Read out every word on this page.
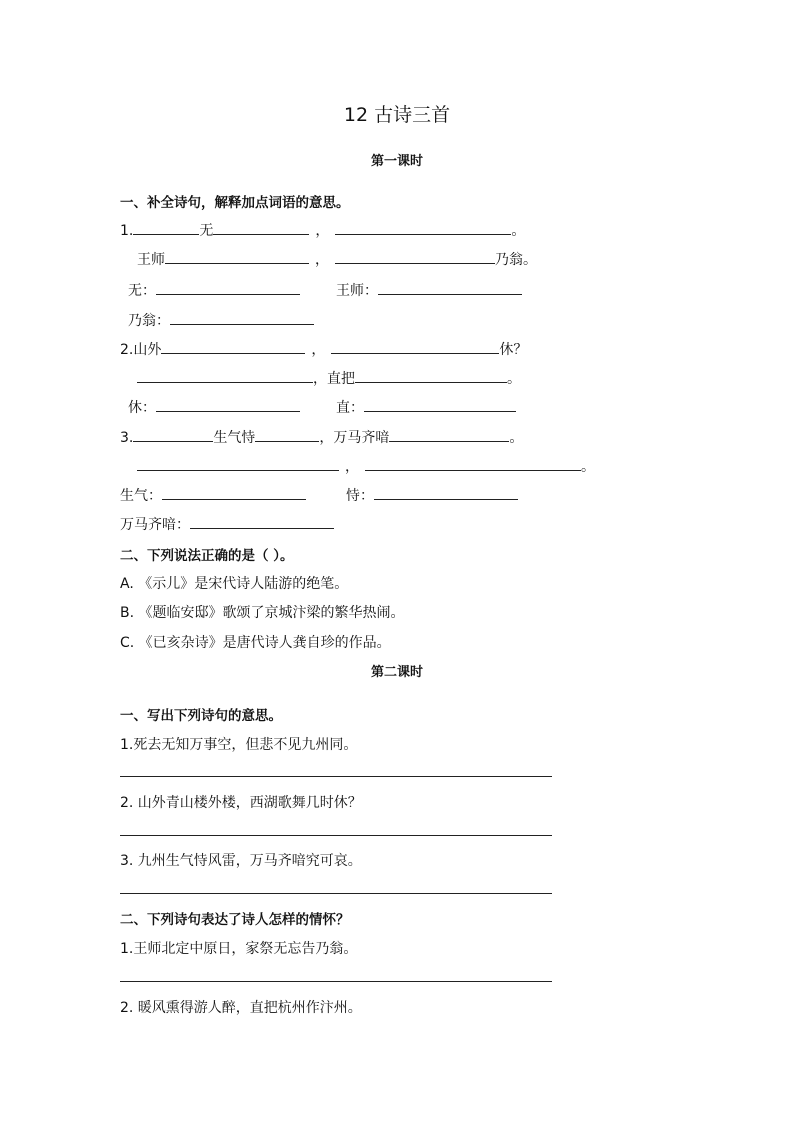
12 古诗三首
第一课时
一、补全诗句，解释加点词语的意思。
1.	无	，	。
王师	，	乃翁。
无：	王师：
乃翁：
2.山外	，	休？
，直把	。
休：	直：
3.	生气恃	，万马齐喑	。
，	。
生气：	恃：
万马齐喑：
二、下列说法正确的是（ ）。
A. 《示儿》是宋代诗人陆游的绝笔。
B. 《题临安邸》歌颂了京城汴梁的繁华热闹。
C. 《已亥杂诗》是唐代诗人龚自珍的作品。
第二课时
一、写出下列诗句的意思。
1.死去无知万事空，但悲不见九州同。
2. 山外青山楼外楼，西湖歌舞几时休？
3. 九州生气恃风雷，万马齐喑究可哀。
二、下列诗句表达了诗人怎样的情怀？
1.王师北定中原日，家祭无忘告乃翁。
2. 暖风熏得游人醉，直把杭州作汴州。
